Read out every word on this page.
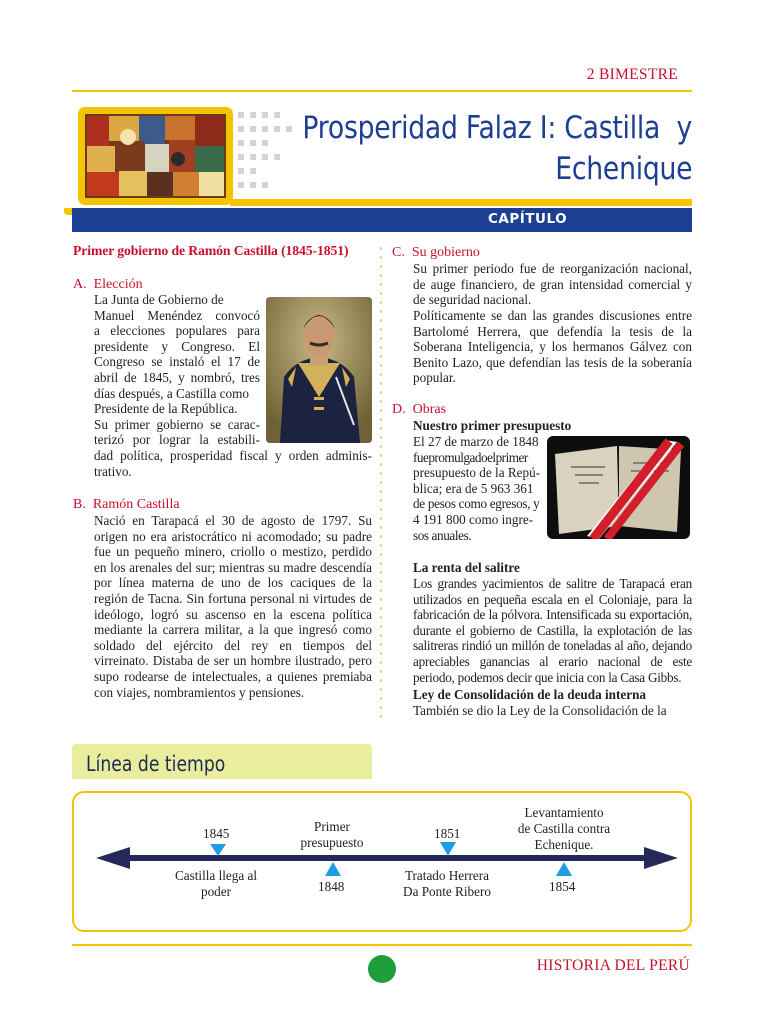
2 BIMESTRE
Prosperidad Falaz I: Castilla  y
Echenique
CAPÍTULO
Primer gobierno de Ramón Castilla (1845-1851)
A.  Elección
La Junta de Gobierno de
Manuel Menéndez convocó
a elecciones populares para
presidente y Congreso. El
Congreso se instaló el 17 de
abril de 1845, y nombró, tres
días después, a Castilla como
Presidente de la República.
Su primer gobierno se carac-
terizó por lograr la estabili-
dad política, prosperidad fiscal y orden adminis-
trativo.
B.  Ramón Castilla

Nació en Tarapacá el 30 de agosto de 1797. Su origen no era aristocrático ni acomodado; su padre fue un pequeño minero, criollo o mestizo, perdido en los arenales del sur; mientras su madre descendía por línea materna de uno de los caciques de la región de Tacna. Sin fortuna personal ni virtudes de ideólogo, logró su ascenso en la escena política mediante la carrera militar, a la que ingresó como soldado del ejército del rey en tiempos del virreinato. Distaba de ser un hombre ilustrado, pero supo rodearse de intelectuales, a quienes premiaba con viajes, nombramientos y pensiones.

C.  Su gobierno

Su primer periodo fue de reorganización nacional, de auge financiero, de gran intensidad comercial y de seguridad nacional.

Políticamente se dan las grandes discusiones entre Bartolomé Herrera, que defendía la tesis de la Soberana Inteligencia, y los hermanos Gálvez con Benito Lazo, que defendían las tesis de la soberanía popular.

D.  Obras
Nuestro primer presupuesto
El 27 de marzo de 1848
fuepromulgadoelprimer
presupuesto de la Repú-
blica; era de 5 963 361
de pesos como egresos, y
4 191 800 como ingre-
sos anuales.
La renta del salitre

Los grandes yacimientos de salitre de Tarapacá eran utilizados en pequeña escala en el Coloniaje, para la fabricación de la pólvora. Intensificada su exportación, durante el gobierno de Castilla, la explotación de las salitreras rindió un millón de toneladas al año, dejando apreciables ganancias al erario nacional de este periodo, podemos decir que inicia con la Casa Gibbs.

Ley de Consolidación de la deuda interna

También se dio la Ley de la Consolidación de la

Línea de tiempo
1845
Castilla llega al
poder
Primer
presupuesto
1848
1851
Tratado Herrera
Da Ponte Ribero
Levantamiento
de Castilla contra
Echenique.
1854
HISTORIA DEL PERÚ
